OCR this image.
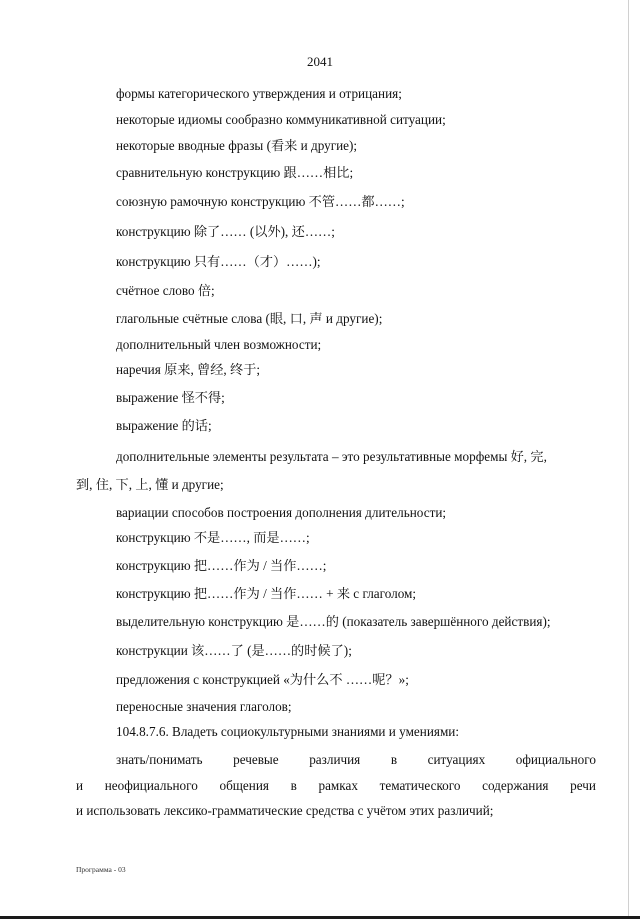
2041
формы категорического утверждения и отрицания;
некоторые идиомы сообразно коммуникативной ситуации;
некоторые вводные фразы (看来 и другие);
сравнительную конструкцию 跟……相比;
союзную рамочную конструкцию 不管……都……;
конструкцию 除了…… (以外), 还……;
конструкцию 只有……（才）……);
счётное слово 倍;
глагольные счётные слова (眼, 口, 声 и другие);
дополнительный член возможности;
наречия 原来, 曾经, 终于;
выражение 怪不得;
выражение 的话;
дополнительные элементы результата – это результативные морфемы 好, 完,
到, 住, 下, 上, 懂 и другие;
вариации способов построения дополнения длительности;
конструкцию 不是……, 而是……;
конструкцию 把……作为 / 当作……;
конструкцию 把……作为 / 当作…… + 来 с глаголом;
выделительную конструкцию 是……的 (показатель завершённого действия);
конструкции 该……了 (是……的时候了);
предложения с конструкцией «为什么不 ……呢？»;
переносные значения глаголов;
104.8.7.6. Владеть социокультурными знаниями и умениями:
знать/понимать речевые различия в ситуациях официального
и неофициального общения в рамках тематического содержания речи
и использовать лексико-грамматические средства с учётом этих различий;
Программа - 03
